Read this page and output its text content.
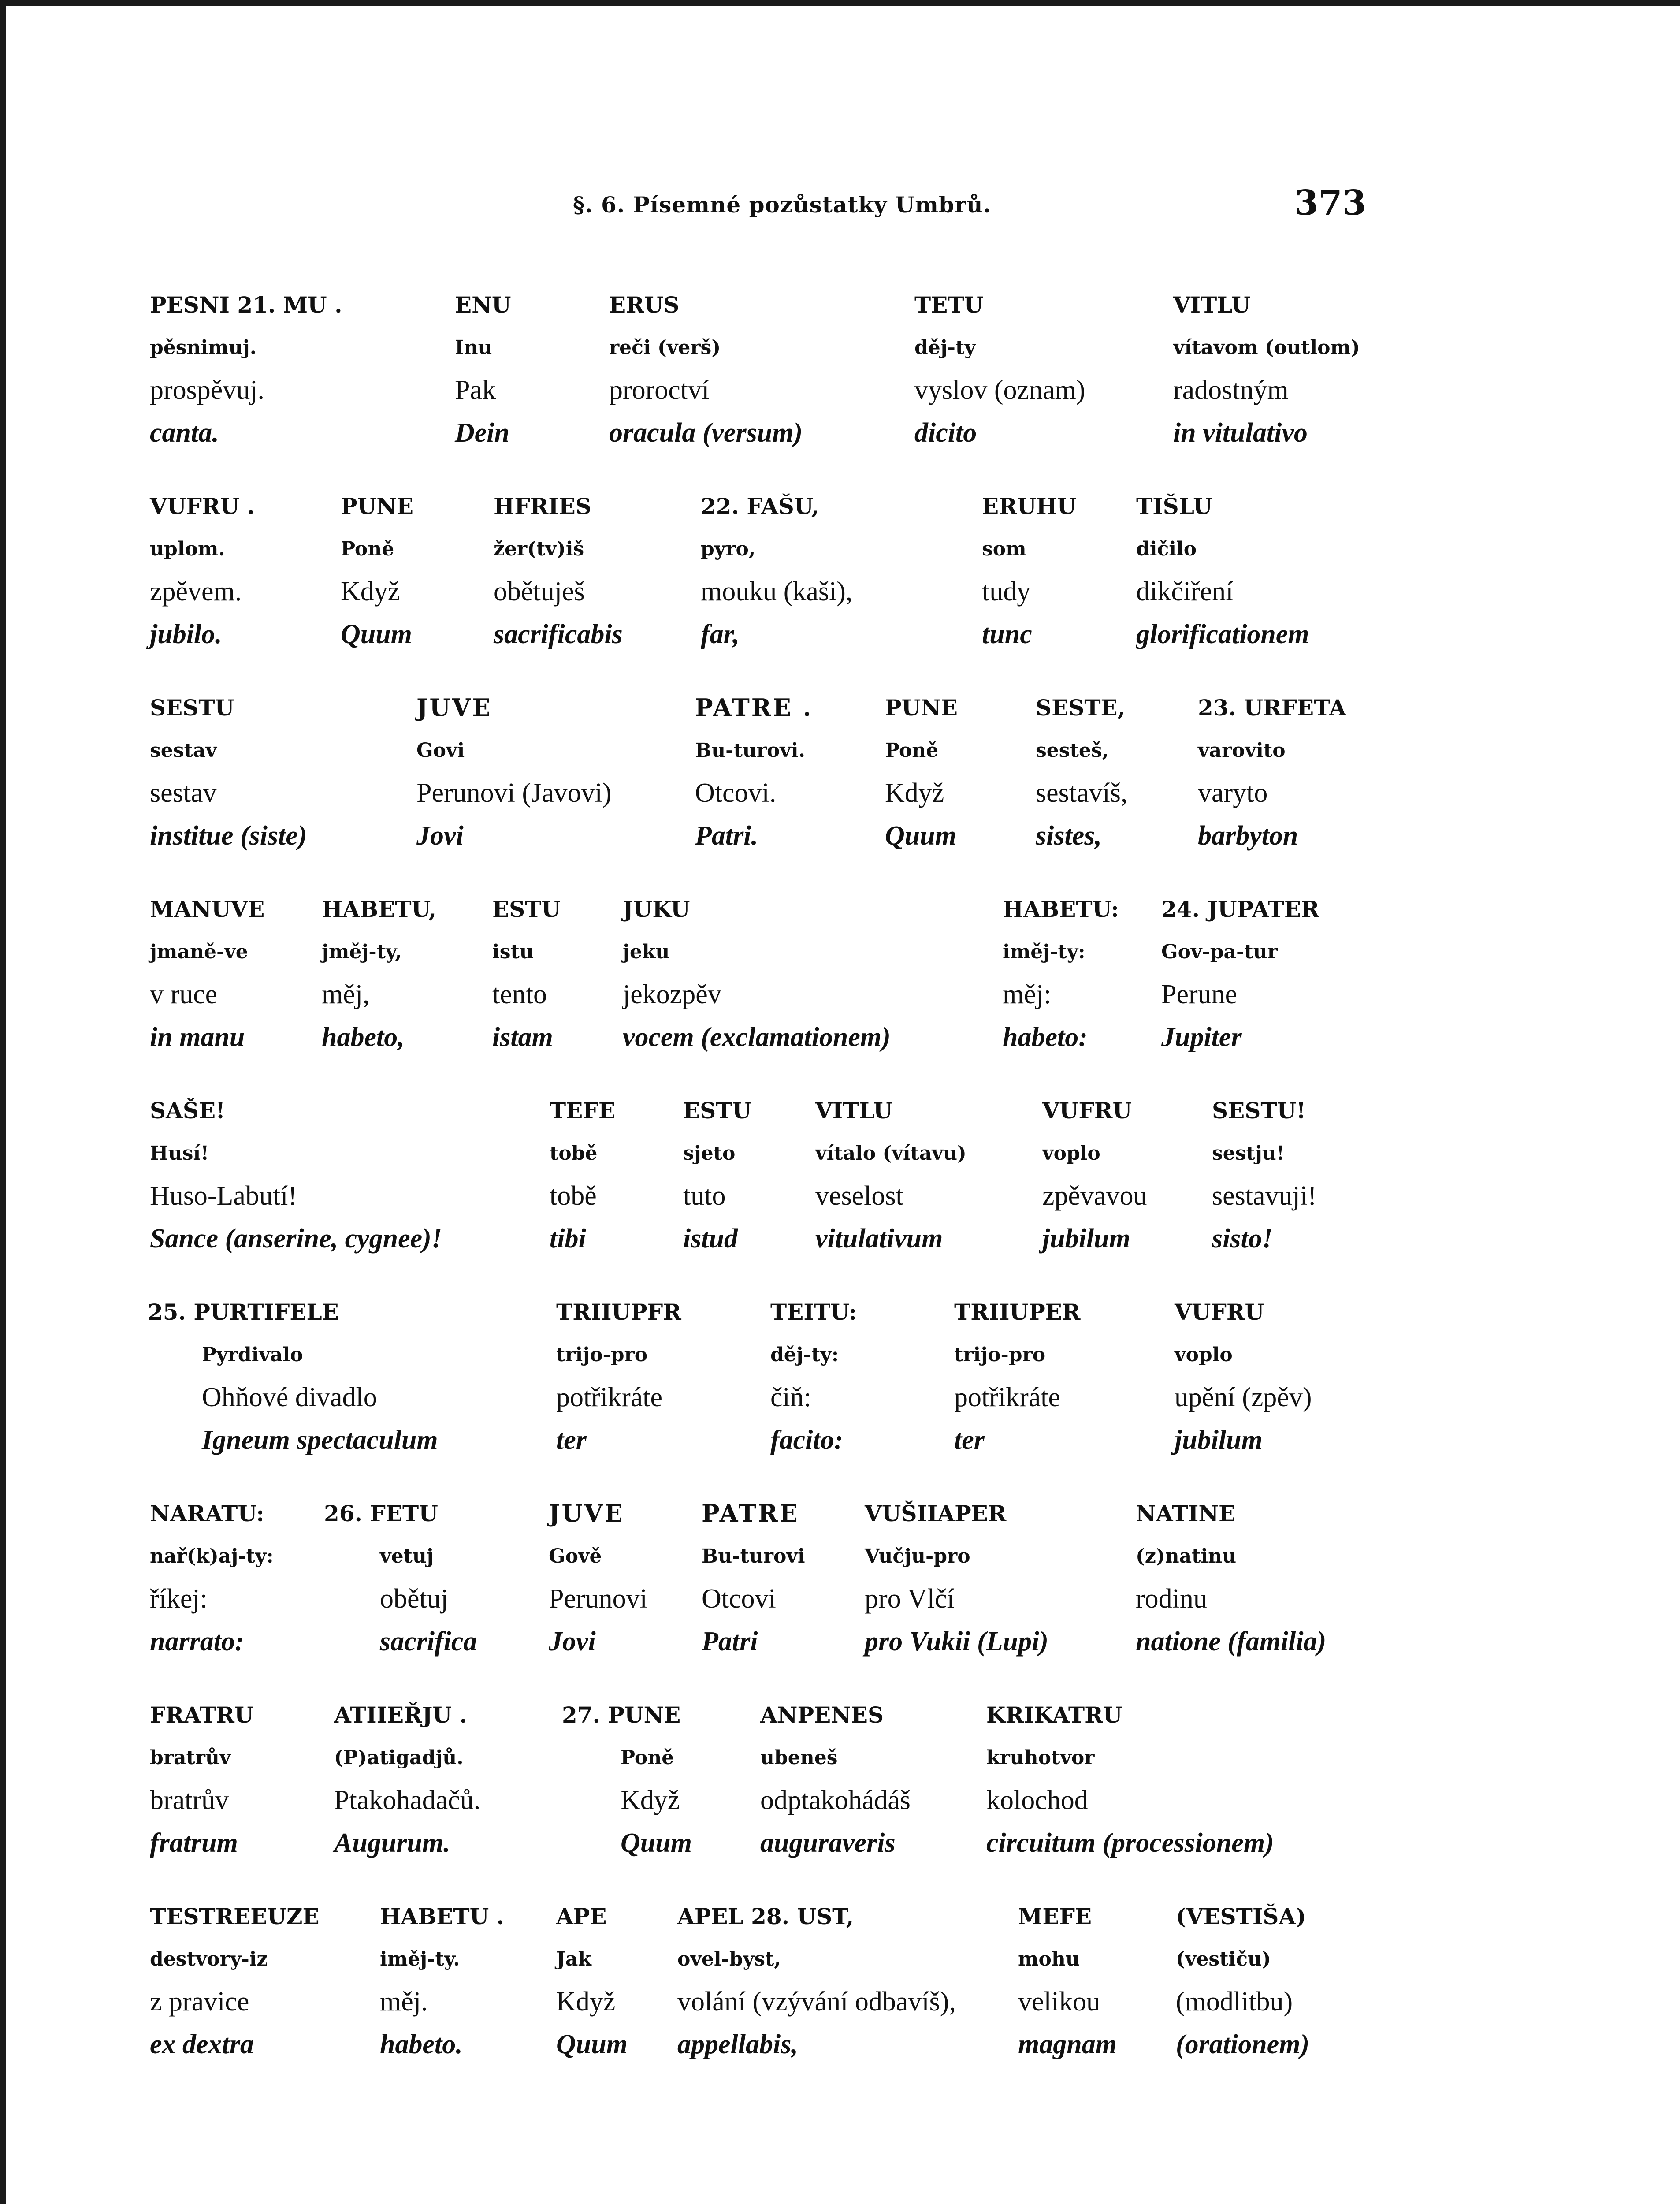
§. 6. Písemné pozůstatky Umbrů.	373
PESNI 21. MU .
pěsnimuj.
prospěvuj.
canta.
ENU
Inu
Pak
Dein
ERUS
reči (verš)
proroctví
oracula (versum)
TETU
děj-ty
vyslov (oznam)
dicito
VITLU
vítavom (outlom)
radostným
in vitulativo
VUFRU .
uplom.
zpěvem.
jubilo.
PUNE
Poně
Když
Quum
HFRIES
žer(tv)iš
obětuješ
sacrificabis
22. FAŠU,
pyro,
mouku (kaši),
far,
ERUHU
som
tudy
tunc
TIŠLU
dičilo
dikčiření
glorificationem
SESTU
sestav
sestav
institue (siste)
JUVE
Govi
Perunovi (Javovi)
Jovi
PATRE .
Bu-turovi.
Otcovi.
Patri.
PUNE
Poně
Když
Quum
SESTE,
sesteš,
sestavíš,
sistes,
23. URFETA
varovito
varyto
barbyton
MANUVE
jmaně-ve
v ruce
in manu
HABETU,
jměj-ty,
měj,
habeto,
ESTU
istu
tento
istam
JUKU
jeku
jekozpěv
vocem (exclamationem)
HABETU:
iměj-ty:
měj:
habeto:
24. JUPATER
Gov-pa-tur
Perune
Jupiter
SAŠE!
Husí!
Huso-Labutí!
Sance (anserine, cygnee)!
TEFE
tobě
tobě
tibi
ESTU
sjeto
tuto
istud
VITLU
vítalo (vítavu)
veselost
vitulativum
VUFRU
voplo
zpěvavou
jubilum
SESTU!
sestju!
sestavuji!
sisto!
25. PURTIFELE
Pyrdivalo
Ohňové divadlo
Igneum spectaculum
TRIIUPFR
trijo-pro
potřikráte
ter
TEITU:
děj-ty:
čiň:
facito:
TRIIUPER
trijo-pro
potřikráte
ter
VUFRU
voplo
upění (zpěv)
jubilum
NARATU:
nař(k)aj-ty:
říkej:
narrato:
26. FETU
vetuj
obětuj
sacrifica
JUVE
Gově
Perunovi
Jovi
PATRE
Bu-turovi
Otcovi
Patri
VUŠIIAPER
Vučju-pro
pro Vlčí
pro Vukii (Lupi)
NATINE
(z)natinu
rodinu
natione (familia)
FRATRU
bratrův
bratrův
fratrum
ATIIEŘJU .
(P)atigadjů.
Ptakohadačů.
Augurum.
27. PUNE
Poně
Když
Quum
ANPENES
ubeneš
odptakohádáš
auguraveris
KRIKATRU
kruhotvor
kolochod
circuitum (processionem)
TESTREEUZE
destvory-iz
z pravice
ex dextra
HABETU .
iměj-ty.
měj.
habeto.
APE
Jak
Když
Quum
APEL 28. UST,
ovel-byst,
volání (vzývání odbavíš),
appellabis,
MEFE
mohu
velikou
magnam
(VESTIŠA)
(vestiču)
(modlitbu)
(orationem)
